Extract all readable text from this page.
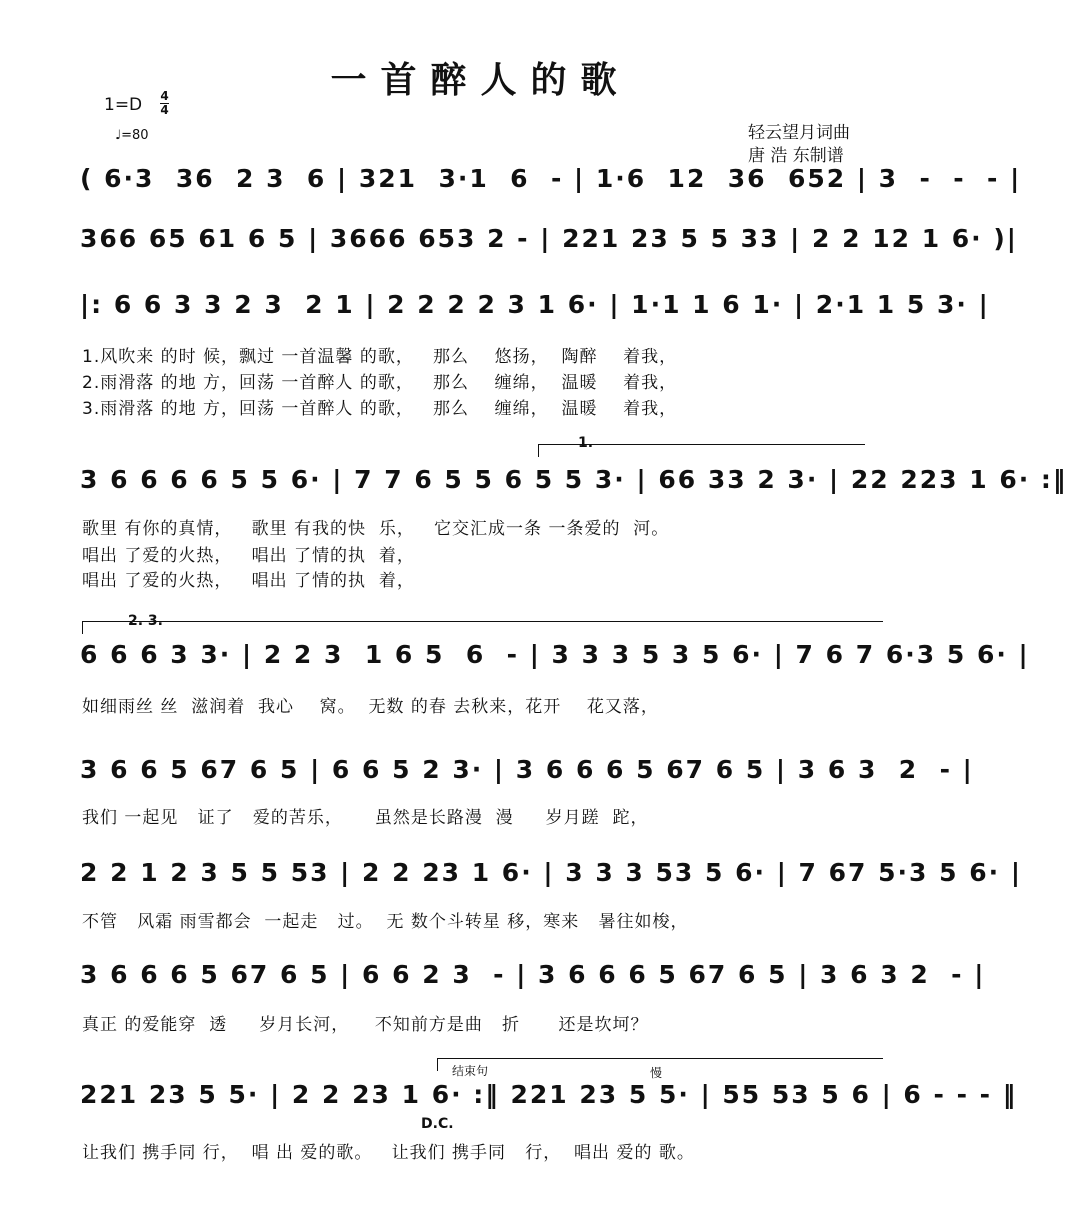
一首醉人的歌
1=D 4
4
♩=80	轻云望月词曲
唐 浩 东制谱
( 6·3  36  2 3  6 | 321  3·1  6  - | 1·6  12  36  652 | 3  -  -  - |
366 65 61 6 5 | 3666 653 2 - | 221 23 5 5 33 | 2 2 12 1 6· )|
|: 6 6 3 3 2 3  2 1 | 2 2 2 2 3 1 6· | 1·1 1 6 1· | 2·1 1 5 3· |
1.风吹来 的时 候，飘过 一首温馨 的歌，   那么    悠扬，  陶醉    着我，
2.雨滑落 的地 方，回荡 一首醉人 的歌，   那么    缠绵，  温暖    着我，
3.雨滑落 的地 方，回荡 一首醉人 的歌，   那么    缠绵，  温暖    着我，
1.
3 6 6 6 6 5 5 6· | 7 7 6 5 5 6 5 5 3· | 66 33 2 3· | 22 223 1 6· :‖
歌里 有你的真情，   歌里 有我的快  乐，   它交汇成一条 一条爱的  河。
唱出 了爱的火热，   唱出 了情的执  着，
唱出 了爱的火热，   唱出 了情的执  着，
2. 3.
6 6 6 3 3· | 2 2 3  1 6 5  6  - | 3 3 3 5 3 5 6· | 7 6 7 6·3 5 6· |
如细雨丝 丝  滋润着  我心    窝。  无数 的春 去秋来，花开    花又落，
3 6 6 5 67 6 5 | 6 6 5 2 3· | 3 6 6 6 5 67 6 5 | 3 6 3  2  - |
我们 一起见   证了   爱的苦乐，     虽然是长路漫  漫     岁月蹉  跎，
2 2 1 2 3 5 5 53 | 2 2 23 1 6· | 3 3 3 53 5 6· | 7 67 5·3 5 6· |
不管   风霜 雨雪都会  一起走   过。  无 数个斗转星 移，寒来   暑往如梭，
3 6 6 6 5 67 6 5 | 6 6 2 3  - | 3 6 6 6 5 67 6 5 | 3 6 3 2  - |
真正 的爱能穿  透     岁月长河，    不知前方是曲   折      还是坎坷？
结束句	慢
221 23 5 5· | 2 2 23 1 6· :‖ 221 23 5 5· | 55 53 5 6 | 6 - - - ‖
D.C.
让我们 携手同 行，  唱 出 爱的歌。   让我们 携手同   行，  唱出 爱的 歌。
